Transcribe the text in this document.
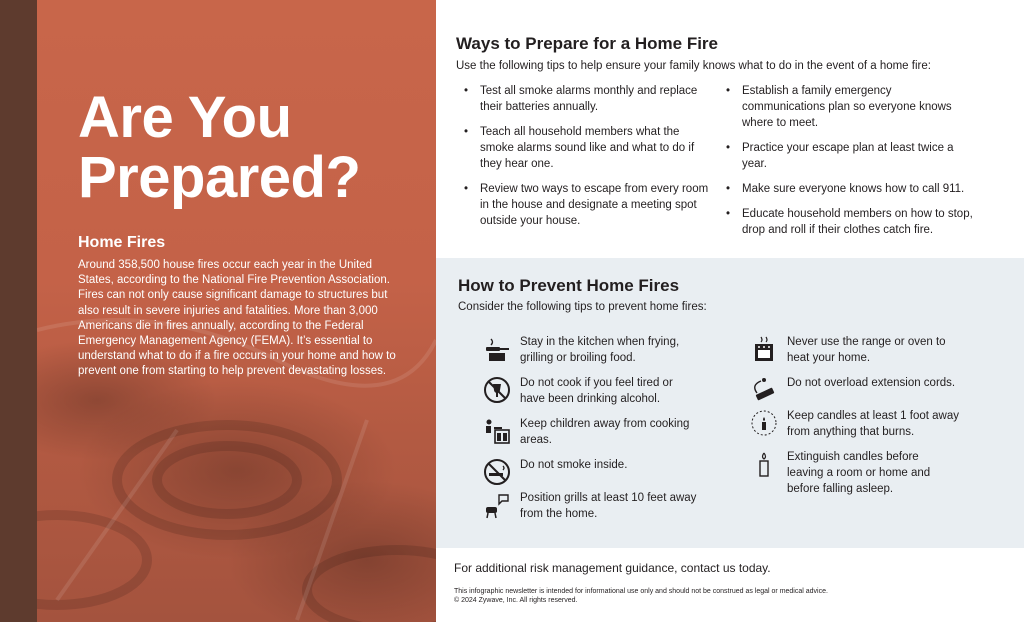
Are You
Prepared?
Home Fires
Around 358,500 house fires occur each year in the United States, according to the National Fire Prevention Association. Fires can not only cause significant damage to structures but also result in severe injuries and fatalities. More than 3,000 Americans die in fires annually, according to the Federal Emergency Management Agency (FEMA). It’s essential to understand what to do if a fire occurs in your home and how to prevent one from starting to help prevent devastating losses.
Ways to Prepare for a Home Fire
Use the following tips to help ensure your family knows what to do in the event of a home fire:
• Test all smoke alarms monthly and replace their batteries annually.
• Teach all household members what the smoke alarms sound like and what to do if they hear one.
• Review two ways to escape from every room in the house and designate a meeting spot outside your house.
• Establish a family emergency communications plan so everyone knows where to meet.
• Practice your escape plan at least twice a year.
• Make sure everyone knows how to call 911.
• Educate household members on how to stop, drop and roll if their clothes catch fire.
How to Prevent Home Fires
Consider the following tips to prevent home fires:
Stay in the kitchen when frying, grilling or broiling food.
Do not cook if you feel tired or have been drinking alcohol.
Keep children away from cooking areas.
Do not smoke inside.
Position grills at least 10 feet away from the home.
Never use the range or oven to heat your home.
Do not overload extension cords.
Keep candles at least 1 foot away from anything that burns.
Extinguish candles before leaving a room or home and before falling asleep.
For additional risk management guidance, contact us today.
This infographic newsletter is intended for informational use only and should not be construed as legal or medical advice.
© 2024 Zywave, Inc. All rights reserved.
